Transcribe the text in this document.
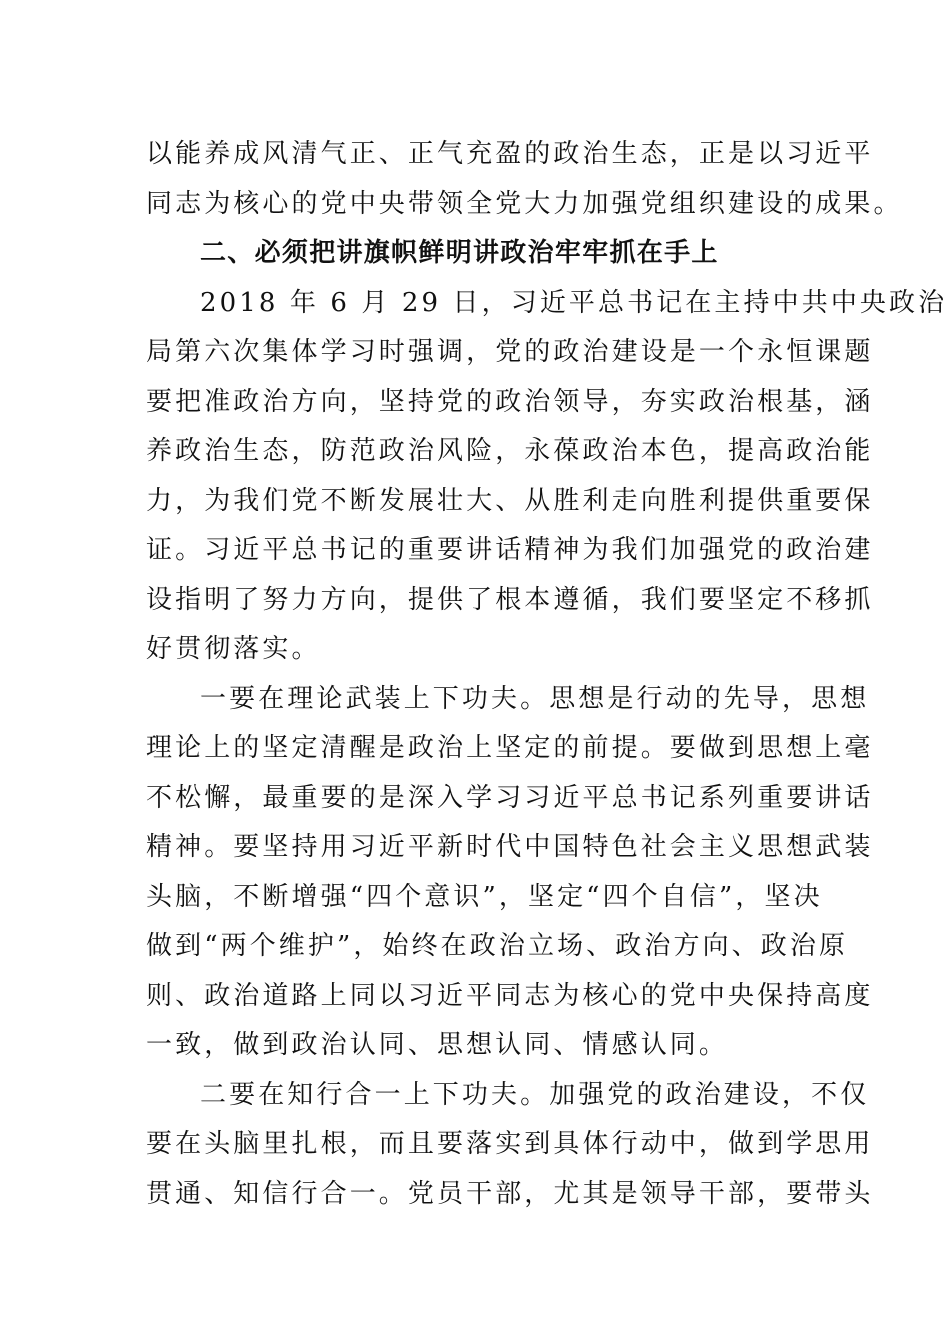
以能养成风清气正、正气充盈的政治生态，正是以习近平
同志为核心的党中央带领全党大力加强党组织建设的成果。
二、必须把讲旗帜鲜明讲政治牢牢抓在手上
2018 年 6 月 29 日，习近平总书记在主持中共中央政治
局第六次集体学习时强调，党的政治建设是一个永恒课题
要把准政治方向，坚持党的政治领导，夯实政治根基，涵
养政治生态，防范政治风险，永葆政治本色，提高政治能
力，为我们党不断发展壮大、从胜利走向胜利提供重要保
证。习近平总书记的重要讲话精神为我们加强党的政治建
设指明了努力方向，提供了根本遵循，我们要坚定不移抓
好贯彻落实。
一要在理论武装上下功夫。思想是行动的先导，思想
理论上的坚定清醒是政治上坚定的前提。要做到思想上毫
不松懈，最重要的是深入学习习近平总书记系列重要讲话
精神。要坚持用习近平新时代中国特色社会主义思想武装
头脑，不断增强“四个意识”，坚定“四个自信”，坚决
做到“两个维护”，始终在政治立场、政治方向、政治原
则、政治道路上同以习近平同志为核心的党中央保持高度
一致，做到政治认同、思想认同、情感认同。
二要在知行合一上下功夫。加强党的政治建设，不仅
要在头脑里扎根，而且要落实到具体行动中，做到学思用
贯通、知信行合一。党员干部，尤其是领导干部，要带头
